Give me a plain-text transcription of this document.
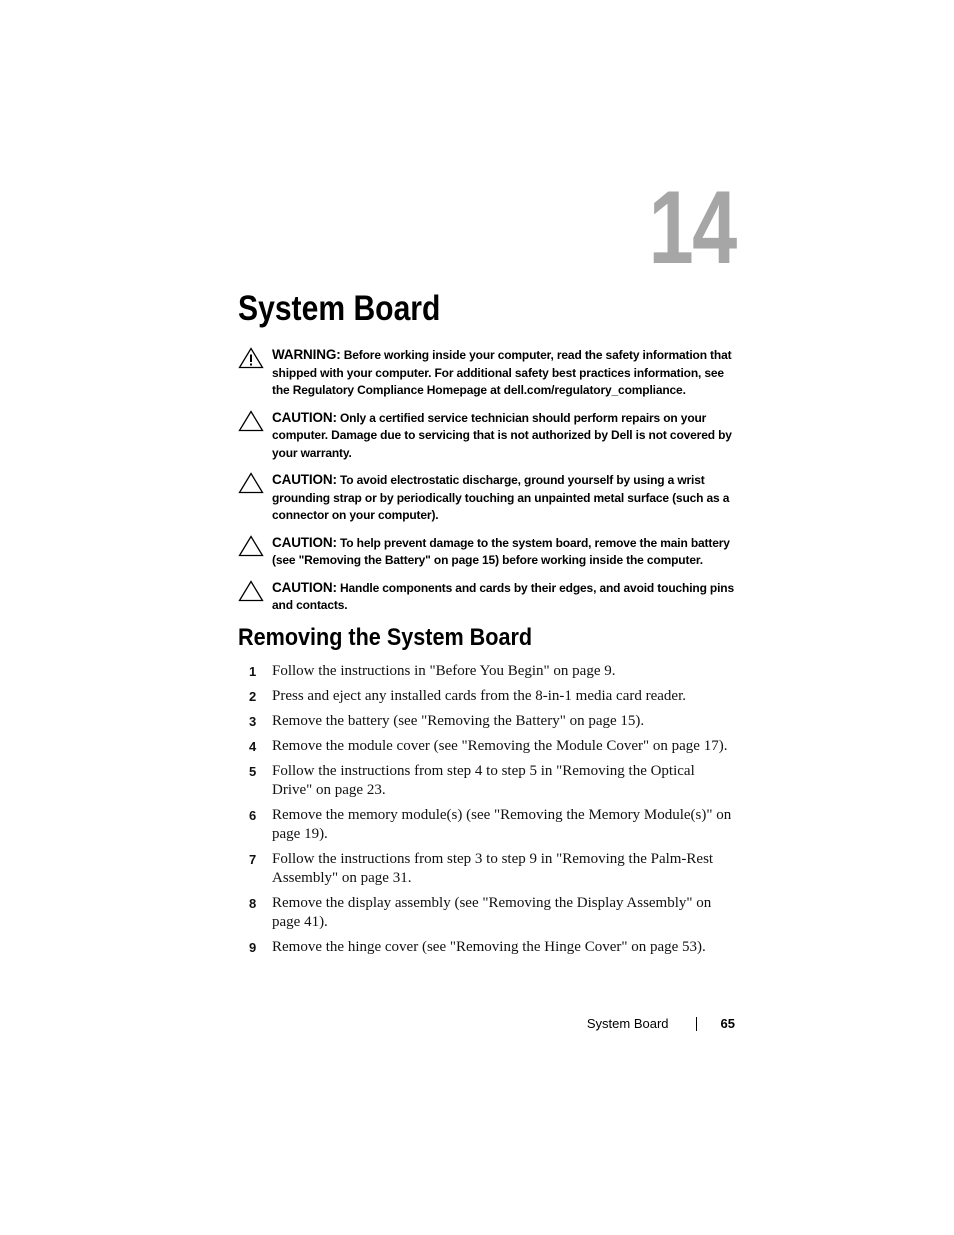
14
System Board
WARNING: Before working inside your computer, read the safety information that shipped with your computer. For additional safety best practices information, see the Regulatory Compliance Homepage at dell.com/regulatory_compliance.
CAUTION: Only a certified service technician should perform repairs on your computer. Damage due to servicing that is not authorized by Dell is not covered by your warranty.
CAUTION: To avoid electrostatic discharge, ground yourself by using a wrist grounding strap or by periodically touching an unpainted metal surface (such as a connector on your computer).
CAUTION: To help prevent damage to the system board, remove the main battery (see "Removing the Battery" on page 15) before working inside the computer.
CAUTION: Handle components and cards by their edges, and avoid touching pins and contacts.
Removing the System Board
1 Follow the instructions in "Before You Begin" on page 9.
2 Press and eject any installed cards from the 8-in-1 media card reader.
3 Remove the battery (see "Removing the Battery" on page 15).
4 Remove the module cover (see "Removing the Module Cover" on page 17).
5 Follow the instructions from step 4 to step 5 in "Removing the Optical Drive" on page 23.
6 Remove the memory module(s) (see "Removing the Memory Module(s)" on page 19).
7 Follow the instructions from step 3 to step 9 in "Removing the Palm-Rest Assembly" on page 31.
8 Remove the display assembly (see "Removing the Display Assembly" on page 41).
9 Remove the hinge cover (see "Removing the Hinge Cover" on page 53).
System Board	65
